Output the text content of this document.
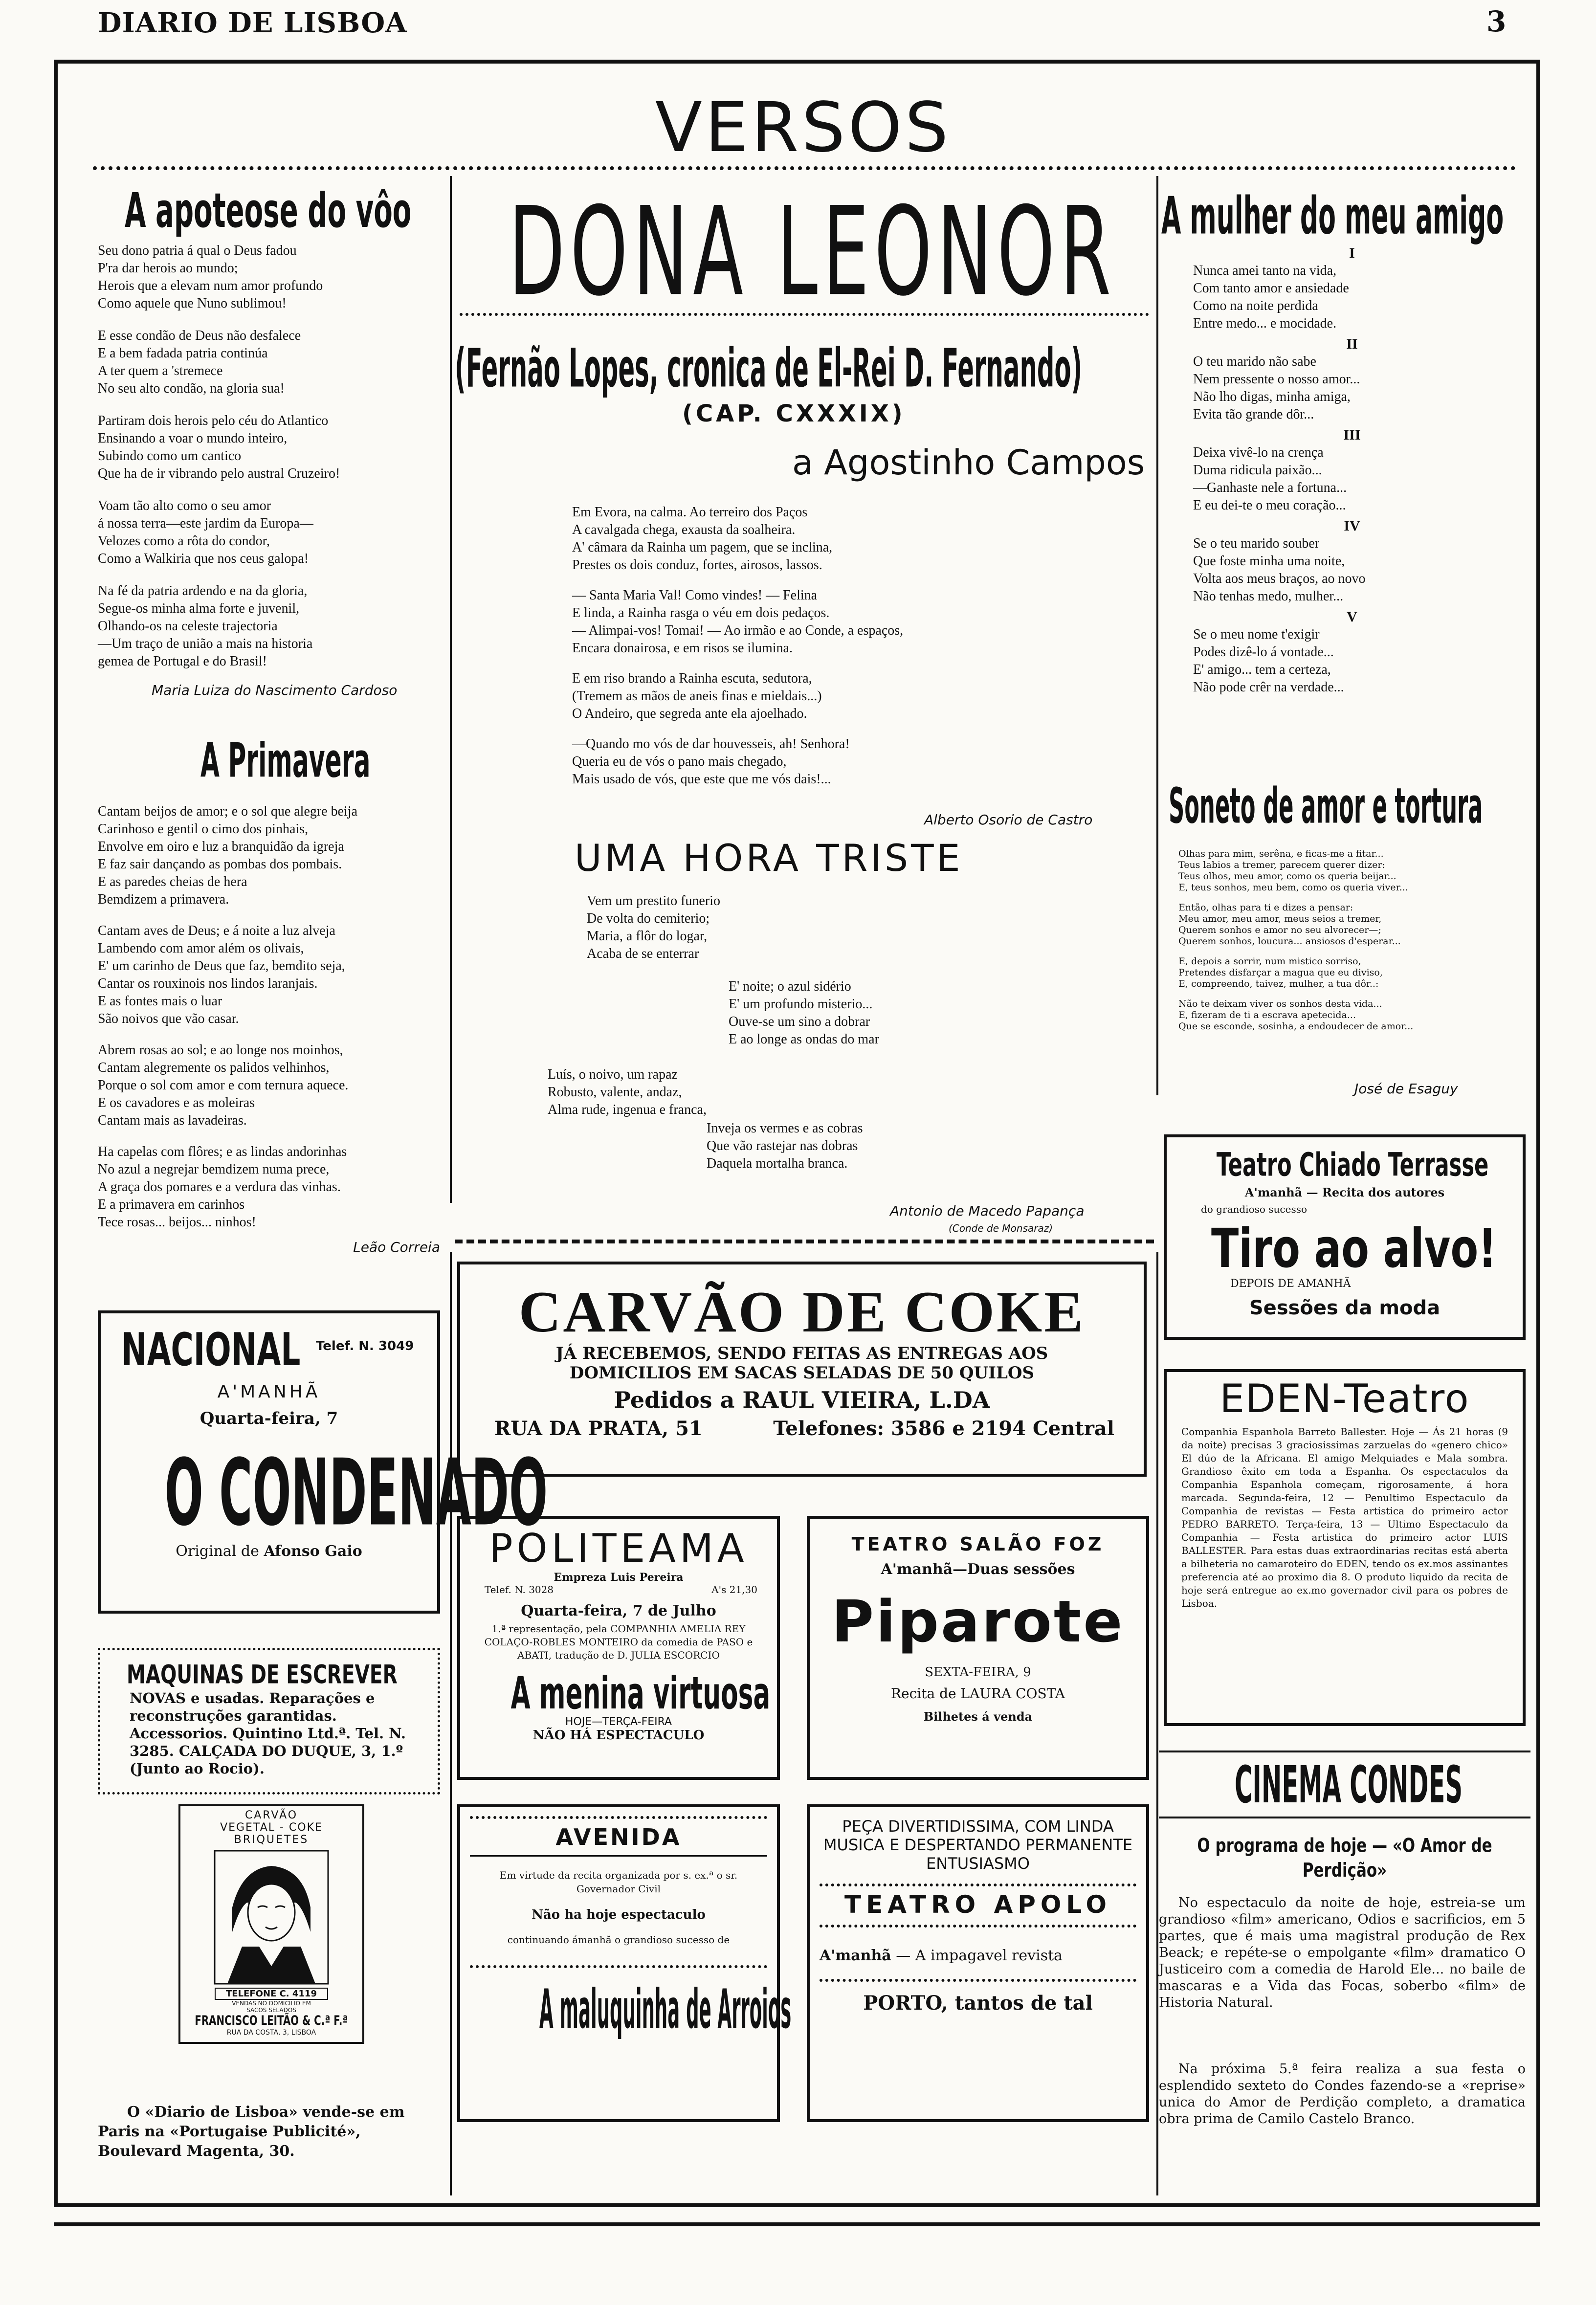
DIARIO DE LISBOA	3
VERSOS
A apoteose do vôo

Seu dono patria á qual o Deus fadou

P'ra dar herois ao mundo;

Herois que a elevam num amor profundo

Como aquele que Nuno sublimou!

E esse condão de Deus não desfalece

E a bem fadada patria continúa

A ter quem a 'stremece

No seu alto condão, na gloria sua!

Partiram dois herois pelo céu do Atlantico

Ensinando a voar o mundo inteiro,

Subindo como um cantico

Que ha de ir vibrando pelo austral Cruzeiro!

Voam tão alto como o seu amor

á nossa terra—este jardim da Europa—

Velozes como a rôta do condor,

Como a Walkiria que nos ceus galopa!

Na fé da patria ardendo e na da gloria,

Segue-os minha alma forte e juvenil,

Olhando-os na celeste trajectoria

—Um traço de união a mais na historia

gemea de Portugal e do Brasil!

Maria Luiza do Nascimento Cardoso
A Primavera

Cantam beijos de amor; e o sol que alegre beija

Carinhoso e gentil o cimo dos pinhais,

Envolve em oiro e luz a branquidão da igreja

E faz sair dançando as pombas dos pombais.

E as paredes cheias de hera

Bemdizem a primavera.

Cantam aves de Deus; e á noite a luz alveja

Lambendo com amor além os olivais,

E' um carinho de Deus que faz, bemdito seja,

Cantar os rouxinois nos lindos laranjais.

E as fontes mais o luar

São noivos que vão casar.

Abrem rosas ao sol; e ao longe nos moinhos,

Cantam alegremente os palidos velhinhos,

Porque o sol com amor e com ternura aquece.

E os cavadores e as moleiras

Cantam mais as lavadeiras.

Ha capelas com flôres; e as lindas andorinhas

No azul a negrejar bemdizem numa prece,

A graça dos pomares e a verdura das vinhas.

E a primavera em carinhos

Tece rosas... beijos... ninhos!

Leão Correia
DONA LEONOR
(Fernão Lopes, cronica de El-Rei D. Fernando)
(CAP. CXXXIX)
a Agostinho Campos

Em Evora, na calma. Ao terreiro dos Paços

A cavalgada chega, exausta da soalheira.

A' câmara da Rainha um pagem, que se inclina,

Prestes os dois conduz, fortes, airosos, lassos.

— Santa Maria Val! Como vindes! — Felina

E linda, a Rainha rasga o véu em dois pedaços.

— Alimpai-vos! Tomai! — Ao irmão e ao Conde, a espaços,

Encara donairosa, e em risos se ilumina.

E em riso brando a Rainha escuta, sedutora,

(Tremem as mãos de aneis finas e mieldais...)

O Andeiro, que segreda ante ela ajoelhado.

—Quando mo vós de dar houvesseis, ah! Senhora!

Queria eu de vós o pano mais chegado,

Mais usado de vós, que este que me vós dais!...

Alberto Osorio de Castro
UMA HORA TRISTE

Vem um prestito funerio

De volta do cemiterio;

Maria, a flôr do logar,

Acaba de se enterrar

E' noite; o azul sidério

E' um profundo misterio...

Ouve-se um sino a dobrar

E ao longe as ondas do mar

Luís, o noivo, um rapaz

Robusto, valente, andaz,

Alma rude, ingenua e franca,

Inveja os vermes e as cobras

Que vão rastejar nas dobras

Daquela mortalha branca.

Antonio de Macedo Papança
(Conde de Monsaraz)
A mulher do meu amigo
I

Nunca amei tanto na vida,

Com tanto amor e ansiedade

Como na noite perdida

Entre medo... e mocidade.

II

O teu marido não sabe

Nem pressente o nosso amor...

Não lho digas, minha amiga,

Evita tão grande dôr...

III

Deixa vivê-lo na crença

Duma ridicula paixão...

—Ganhaste nele a fortuna...

E eu dei-te o meu coração...

IV

Se o teu marido souber

Que foste minha uma noite,

Volta aos meus braços, ao novo

Não tenhas medo, mulher...

V

Se o meu nome t'exigir

Podes dizê-lo á vontade...

E' amigo... tem a certeza,

Não pode crêr na verdade...

Soneto de amor e tortura

Olhas para mim, serêna, e ficas-me a fitar...

Teus labios a tremer, parecem querer dizer:

Teus olhos, meu amor, como os queria beijar...

E, teus sonhos, meu bem, como os queria viver...

Então, olhas para ti e dizes a pensar:

Meu amor, meu amor, meus seios a tremer,

Querem sonhos e amor no seu alvorecer—;

Querem sonhos, loucura... ansiosos d'esperar...

E, depois a sorrir, num mistico sorriso,

Pretendes disfarçar a magua que eu diviso,

E, compreendo, taivez, mulher, a tua dôr..:

Não te deixam viver os sonhos desta vida...

E, fizeram de ti a escrava apetecida...

Que se esconde, sosinha, a endoudecer de amor...

José de Esaguy
Teatro Chiado Terrasse
A'manhã — Recita dos autores
do grandioso sucesso
Tiro ao alvo!
DEPOIS DE AMANHÃ
Sessões da moda
CARVÃO DE COKE
JÁ RECEBEMOS, SENDO FEITAS AS ENTREGAS AOS
DOMICILIOS EM SACAS SELADAS DE 50 QUILOS
Pedidos a RAUL VIEIRA, L.DA
RUA DA PRATA, 51	Telefones: 3586 e 2194 Central
NACIONAL Telef. N. 3049
A'MANHÃ
Quarta-feira, 7
O CONDENADO
Original de Afonso Gaio
MAQUINAS DE ESCREVER
NOVAS e usadas. Reparações e reconstruções garantidas. Accessorios. Quintino Ltd.ª. Tel. N. 3285. CALÇADA DO DUQUE, 3, 1.º (Junto ao Rocio).
CARVÃO
VEGETAL - COKE
BRIQUETES
TELEFONE C. 4119
VENDAS NO DOMICILIO EM
SACOS SELADOS
FRANCISCO LEITÃO & C.ª F.ª
RUA DA COSTA, 3, LISBOA
O «Diario de Lisboa» vende-se em Paris na «Portugaise Publicité», Boulevard Magenta, 30.
POLITEAMA
Empreza Luis Pereira
Telef. N. 3028	A's 21,30
Quarta-feira, 7 de Julho
1.ª representação, pela COMPANHIA AMELIA REY COLAÇO-ROBLES MONTEIRO da comedia de PASO e ABATI, tradução de D. JULIA ESCORCIO
A menina virtuosa
HOJE—TERÇA-FEIRA
NÃO HÁ ESPECTACULO
TEATRO SALÃO FOZ
A'manhã—Duas sessões
Piparote
SEXTA-FEIRA, 9
Recita de LAURA COSTA
Bilhetes á venda
AVENIDA
Em virtude da recita organizada por s. ex.ª o sr. Governador Civil
Não ha hoje espectaculo
continuando ámanhã o grandioso sucesso de
A maluquinha de Arroios
PEÇA DIVERTIDISSIMA, COM LINDA MUSICA E DESPERTANDO PERMANENTE ENTUSIASMO
TEATRO APOLO
A'manhã — A impagavel revista
PORTO, tantos de tal
EDEN-Teatro
Companhia Espanhola Barreto Ballester. Hoje — Ás 21 horas (9 da noite) precisas 3 graciosissimas zarzuelas do «genero chico» El dúo de la Africana. El amigo Melquiades e Mala sombra. Grandioso êxito em toda a Espanha. Os espectaculos da Companhia Espanhola começam, rigorosamente, á hora marcada. Segunda-feira, 12 — Penultimo Espectaculo da Companhia de revistas — Festa artistica do primeiro actor PEDRO BARRETO. Terça-feira, 13 — Ultimo Espectaculo da Companhia — Festa artistica do primeiro actor LUIS BALLESTER. Para estas duas extraordinarias recitas está aberta a bilheteria no camaroteiro do EDEN, tendo os ex.mos assinantes preferencia até ao proximo dia 8. O produto liquido da recita de hoje será entregue ao ex.mo governador civil para os pobres de Lisboa.
CINEMA CONDES
O programa de hoje — «O Amor de Perdição»
No espectaculo da noite de hoje, estreia-se um grandioso «film» americano, Odios e sacrificios, em 5 partes, que é mais uma magistral produção de Rex Beack; e repéte-se o empolgante «film» dramatico O Justiceiro com a comedia de Harold Ele... no baile de mascaras e a Vida das Focas, soberbo «film» de Historia Natural.
Na próxima 5.ª feira realiza a sua festa o esplendido sexteto do Condes fazendo-se a «reprise» unica do Amor de Perdição completo, a dramatica obra prima de Camilo Castelo Branco.
